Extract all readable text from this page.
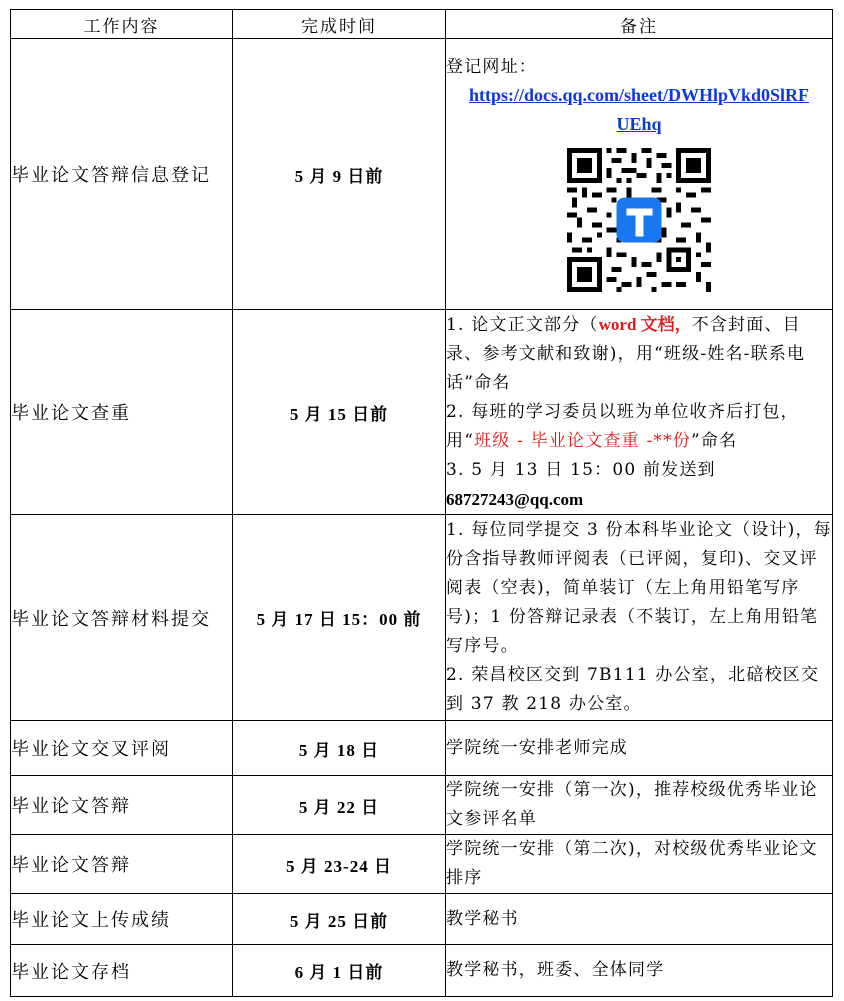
工作内容	完成时间	备注
毕业论文答辩信息登记	5 月 9 日前	登记网址：
https://docs.qq.com/sheet/DWHlpVkd0SlRF
UEhq

毕业论文查重	5 月 15 日前	1. 论文正文部分（word 文档，不含封面、目录、参考文献和致谢)，用“班级-姓名-联系电话”命名
2. 每班的学习委员以班为单位收齐后打包，用“班级 - 毕业论文查重 -**份”命名
3. 5 月 13 日 15：00 前发送到
68727243@qq.com

毕业论文答辩材料提交	5 月 17 日 15：00 前	1. 每位同学提交 3 份本科毕业论文（设计)，每份含指导教师评阅表（已评阅，复印)、交叉评阅表（空表)，简单装订（左上角用铅笔写序号)；1 份答辩记录表（不装订，左上角用铅笔写序号。
2. 荣昌校区交到 7B111 办公室，北碚校区交到 37 教 218 办公室。

毕业论文交叉评阅	5 月 18 日	学院统一安排老师完成
毕业论文答辩	5 月 22 日	学院统一安排（第一次)，推荐校级优秀毕业论文参评名单
毕业论文答辩	5 月 23-24 日	学院统一安排（第二次)，对校级优秀毕业论文排序
毕业论文上传成绩	5 月 25 日前	教学秘书
毕业论文存档	6 月 1 日前	教学秘书，班委、全体同学
